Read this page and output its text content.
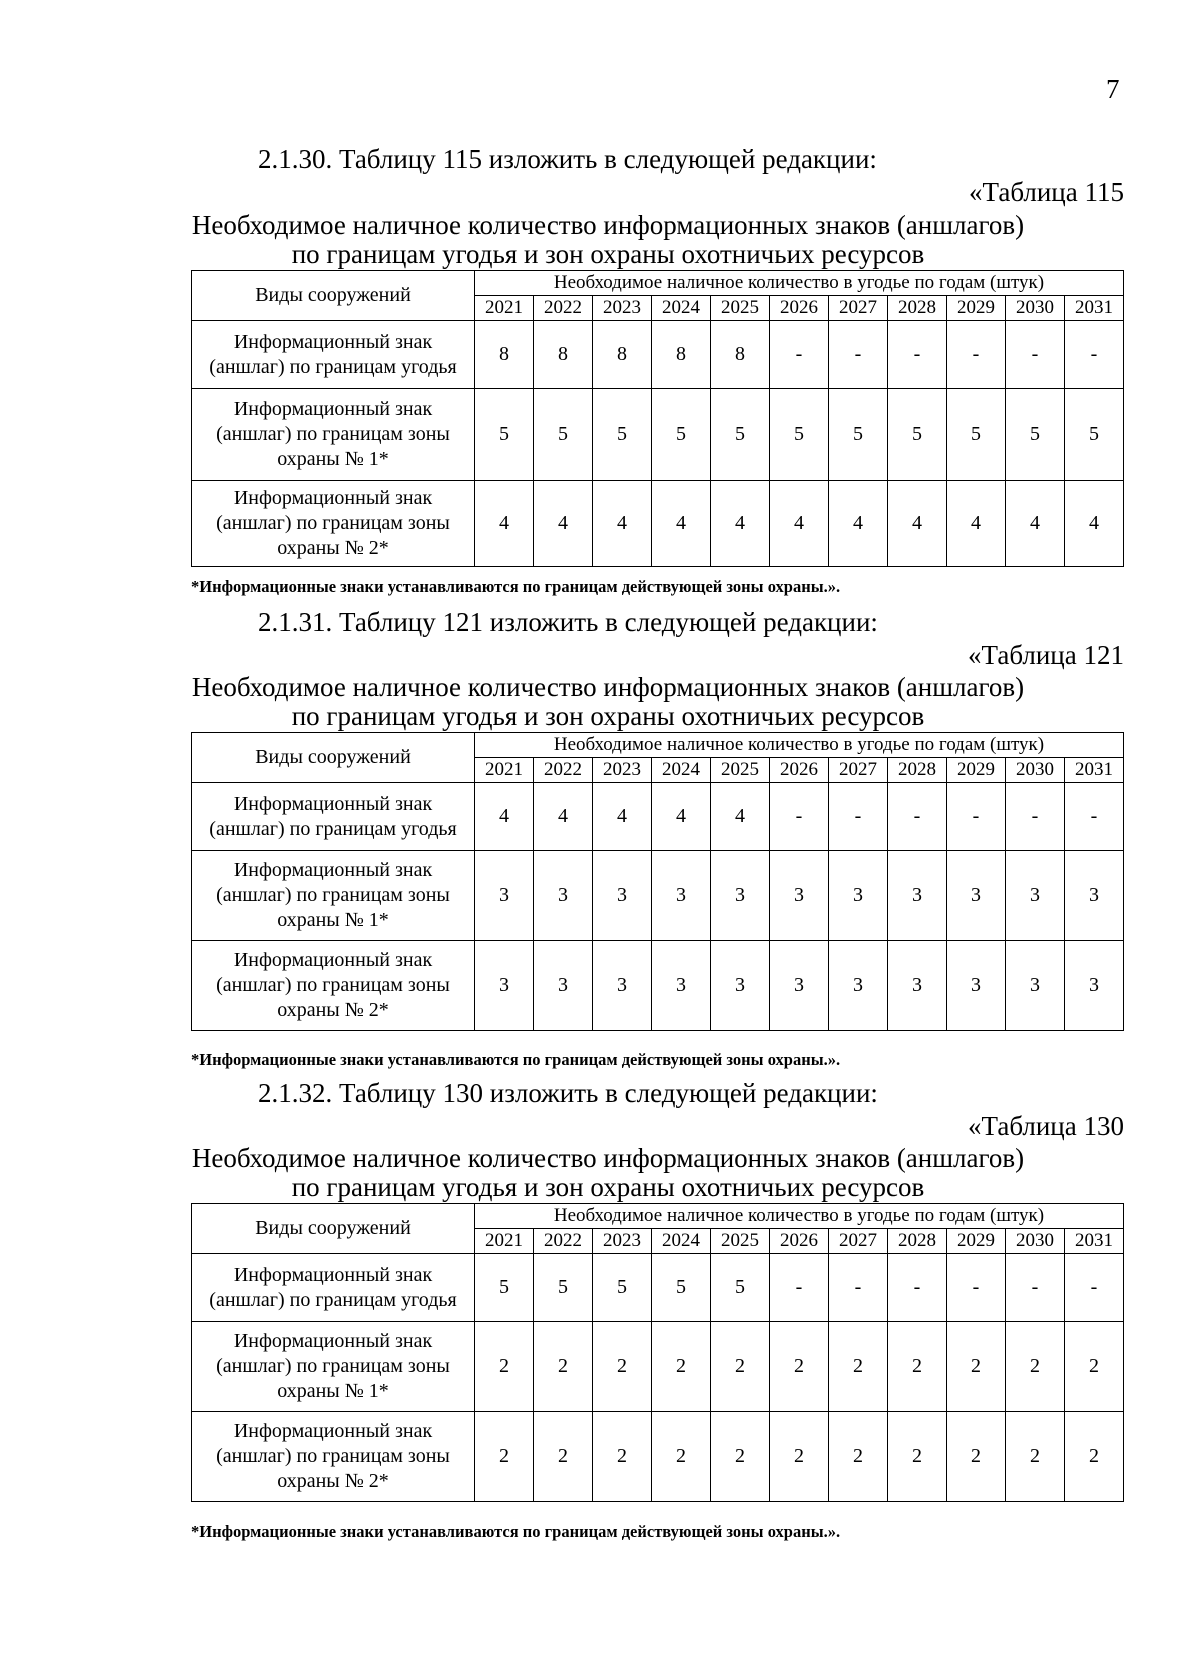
7
2.1.30. Таблицу 115 изложить в следующей редакции:
«Таблица 115
Необходимое наличное количество информационных знаков (аншлагов)
по границам угодья и зон охраны охотничьих ресурсов
Виды сооружений	Необходимое наличное количество в угодье по годам (штук)										
	2021	2022	2023	2024	2025	2026	2027	2028	2029	2030	2031

Информационный знак
(аншлаг) по границам угодья	8	8	8	8	8	-	-	-	-	-	-

Информационный знак
(аншлаг) по границам зоны
охраны № 1*	5	5	5	5	5	5	5	5	5	5	5

Информационный знак
(аншлаг) по границам зоны
охраны № 2*	4	4	4	4	4	4	4	4	4	4	4
*Информационные знаки устанавливаются по границам действующей зоны охраны.».
2.1.31. Таблицу 121 изложить в следующей редакции:
«Таблица 121
Необходимое наличное количество информационных знаков (аншлагов)
по границам угодья и зон охраны охотничьих ресурсов
Виды сооружений	Необходимое наличное количество в угодье по годам (штук)										
	2021	2022	2023	2024	2025	2026	2027	2028	2029	2030	2031

Информационный знак
(аншлаг) по границам угодья	4	4	4	4	4	-	-	-	-	-	-

Информационный знак
(аншлаг) по границам зоны
охраны № 1*	3	3	3	3	3	3	3	3	3	3	3

Информационный знак
(аншлаг) по границам зоны
охраны № 2*	3	3	3	3	3	3	3	3	3	3	3
*Информационные знаки устанавливаются по границам действующей зоны охраны.».
2.1.32. Таблицу 130 изложить в следующей редакции:
«Таблица 130
Необходимое наличное количество информационных знаков (аншлагов)
по границам угодья и зон охраны охотничьих ресурсов
Виды сооружений	Необходимое наличное количество в угодье по годам (штук)										
	2021	2022	2023	2024	2025	2026	2027	2028	2029	2030	2031

Информационный знак
(аншлаг) по границам угодья	5	5	5	5	5	-	-	-	-	-	-

Информационный знак
(аншлаг) по границам зоны
охраны № 1*	2	2	2	2	2	2	2	2	2	2	2

Информационный знак
(аншлаг) по границам зоны
охраны № 2*	2	2	2	2	2	2	2	2	2	2	2
*Информационные знаки устанавливаются по границам действующей зоны охраны.».
